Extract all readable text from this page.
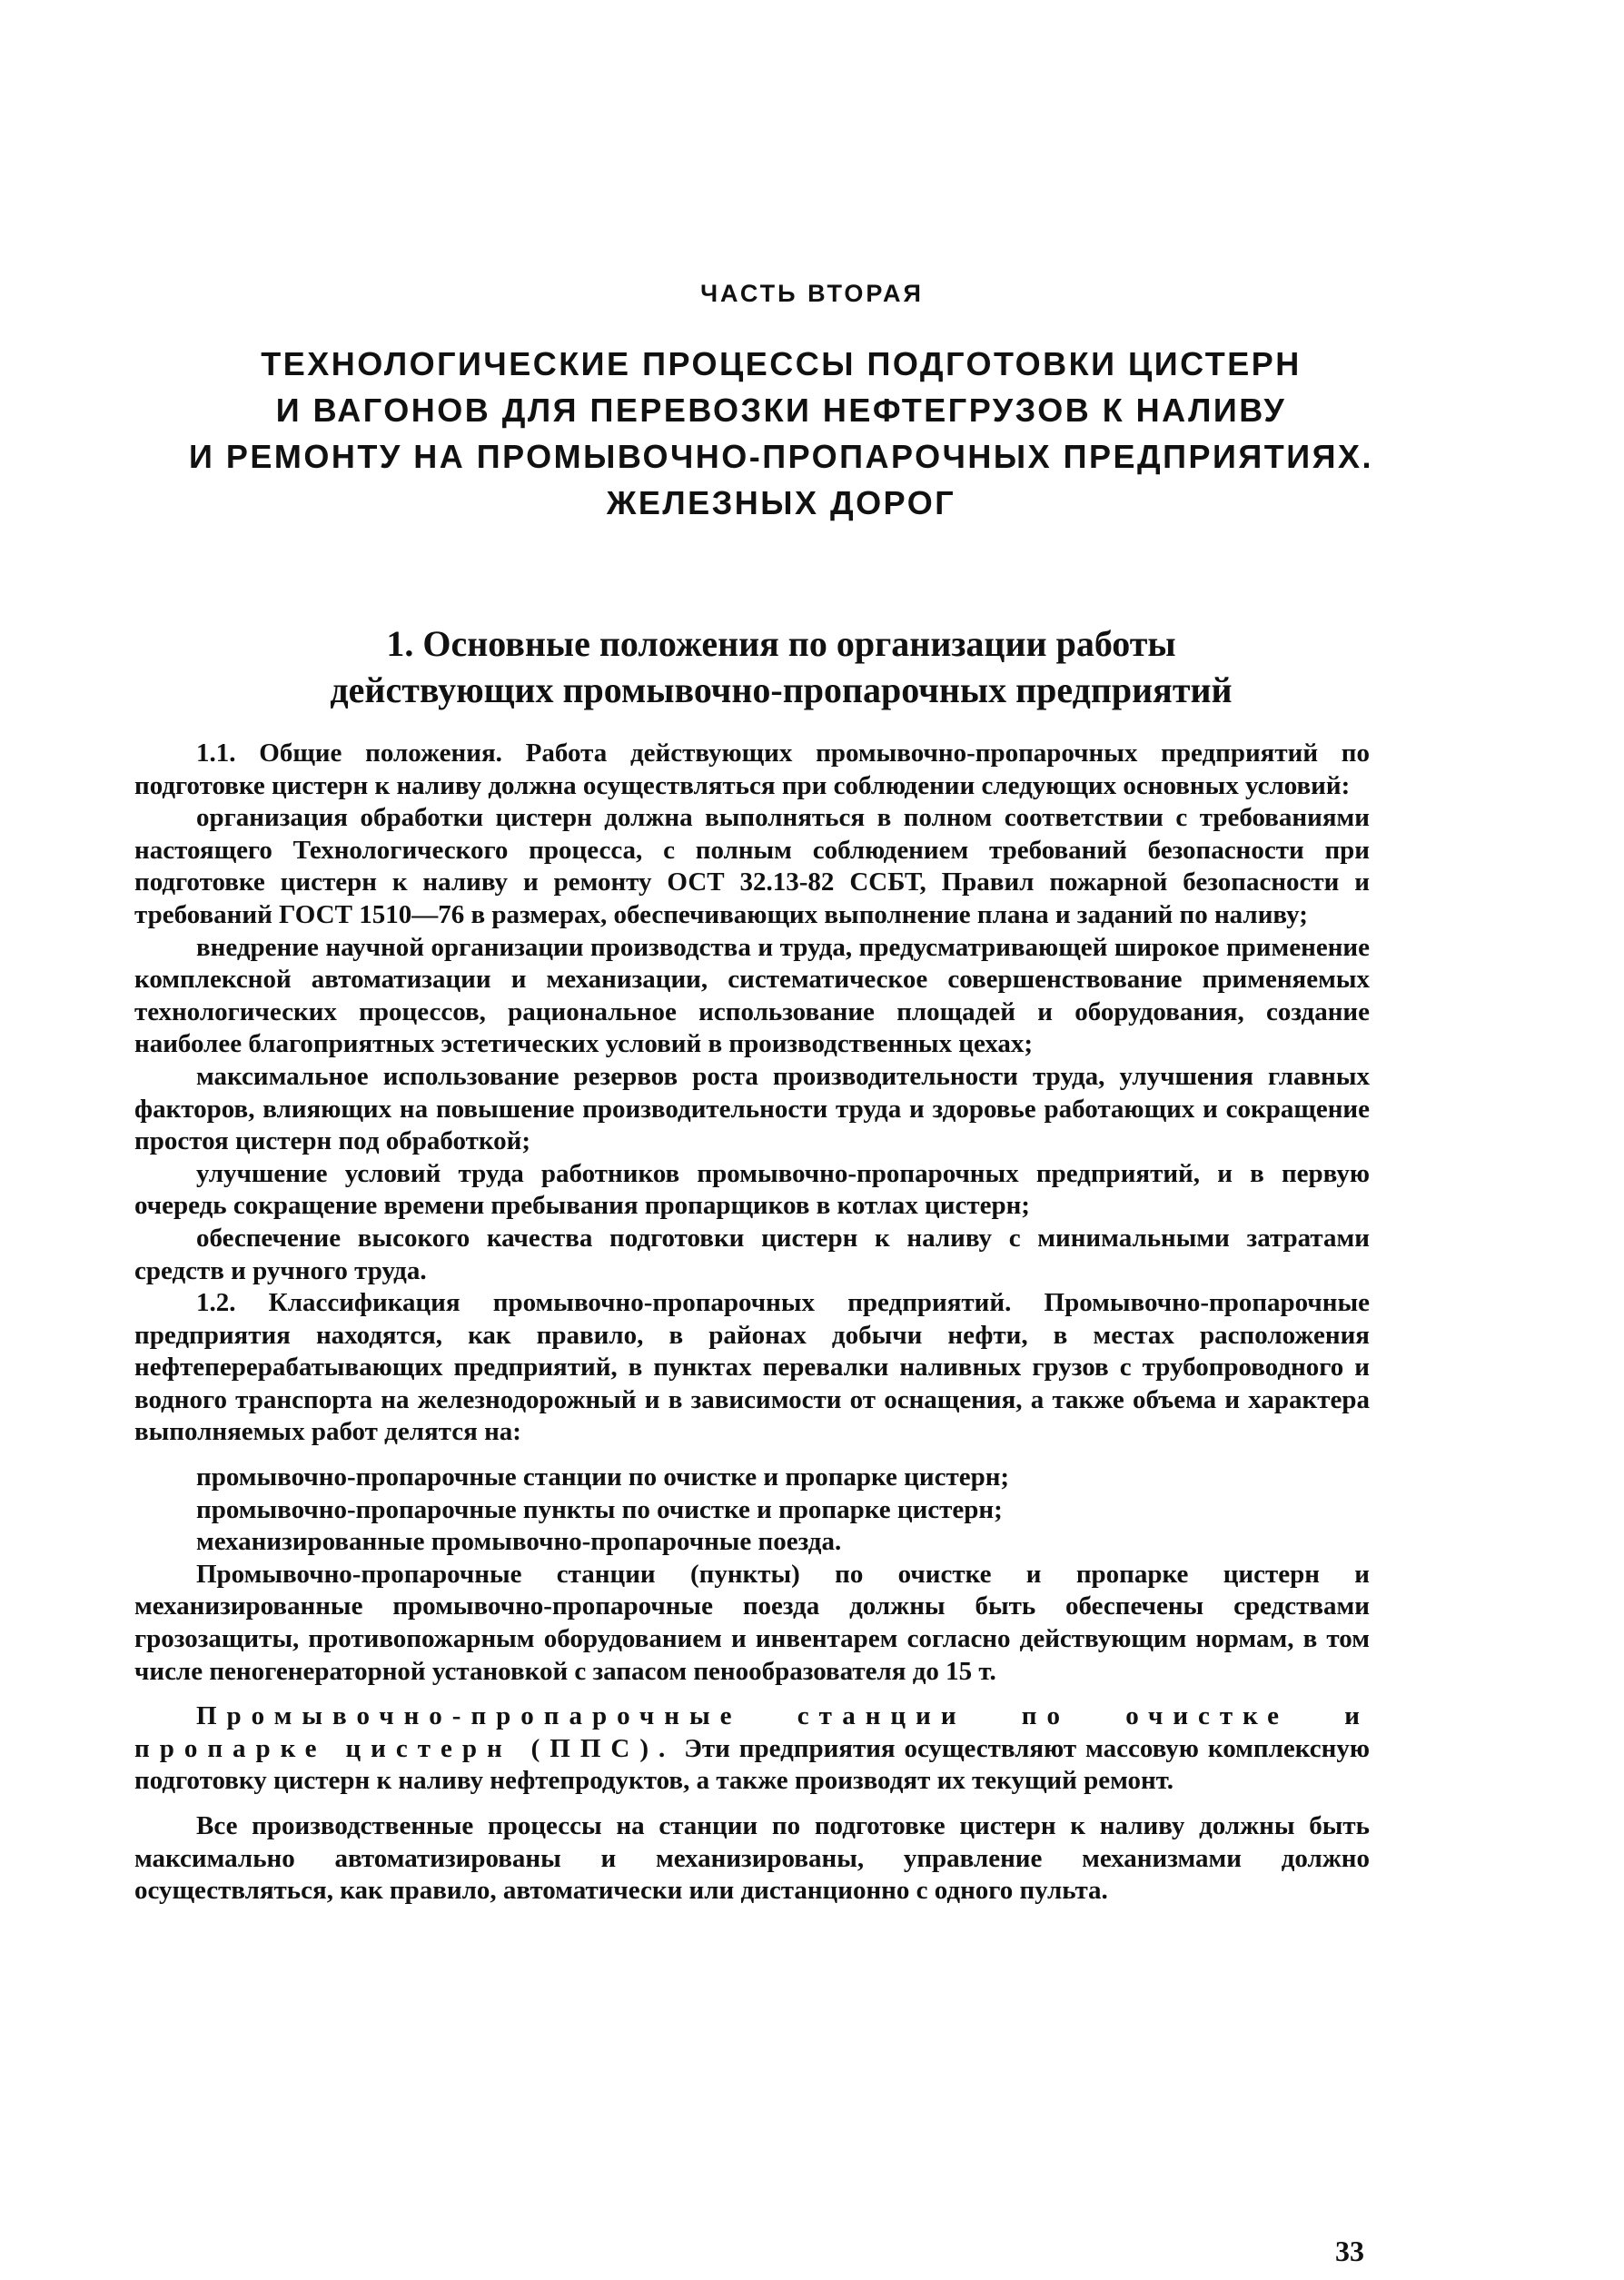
ЧАСТЬ ВТОРАЯ
ТЕХНОЛОГИЧЕСКИЕ ПРОЦЕССЫ ПОДГОТОВКИ ЦИСТЕРН
И ВАГОНОВ ДЛЯ ПЕРЕВОЗКИ НЕФТЕГРУЗОВ К НАЛИВУ
И РЕМОНТУ НА ПРОМЫВОЧНО-ПРОПАРОЧНЫХ ПРЕДПРИЯТИЯХ.
ЖЕЛЕЗНЫХ ДОРОГ
1. Основные положения по организации работы
действующих промывочно-пропарочных предприятий

1.1. Общие положения. Работа действующих промывочно-пропарочных предприятий по подготовке цистерн к наливу должна осуществляться при соблюдении следующих основных условий:

организация обработки цистерн должна выполняться в полном соответствии с требованиями настоящего Технологического процесса, с полным соблюдением требований безопасности при подготовке цистерн к наливу и ремонту ОСТ 32.13-82 ССБТ, Правил пожарной безопасности и требований ГОСТ 1510—76 в размерах, обеспечивающих выполнение плана и заданий по наливу;

внедрение научной организации производства и труда, предусматривающей широкое применение комплексной автоматизации и механизации, систематическое совершенствование применяемых технологических процессов, рациональное использование площадей и оборудования, создание наиболее благоприятных эстетических условий в производственных цехах;

максимальное использование резервов роста производительности труда, улучшения главных факторов, влияющих на повышение производительности труда и здоровье работающих и сокращение простоя цистерн под обработкой;

улучшение условий труда работников промывочно-пропарочных предприятий, и в первую очередь сокращение времени пребывания пропарщиков в котлах цистерн;

обеспечение высокого качества подготовки цистерн к наливу с минимальными затратами средств и ручного труда.

1.2. Классификация промывочно-пропарочных предприятий. Промывочно-пропарочные предприятия находятся, как правило, в районах добычи нефти, в местах расположения нефтеперерабатывающих предприятий, в пунктах перевалки наливных грузов с трубопроводного и водного транспорта на железнодорожный и в зависимости от оснащения, а также объема и характера выполняемых работ делятся на:

промывочно-пропарочные станции по очистке и пропарке цистерн;

промывочно-пропарочные пункты по очистке и пропарке цистерн;

механизированные промывочно-пропарочные поезда.

Промывочно-пропарочные станции (пункты) по очистке и пропарке цистерн и механизированные промывочно-пропарочные поезда должны быть обеспечены средствами грозозащиты, противопожарным оборудованием и инвентарем согласно действующим нормам, в том числе пеногенераторной установкой с запасом пенообразователя до 15 т.

Промывочно-пропарочные станции по очистке и пропарке цистерн (ППС). Эти предприятия осуществляют массовую комплексную подготовку цистерн к наливу нефтепродуктов, а также производят их текущий ремонт.

Все производственные процессы на станции по подготовке цистерн к наливу должны быть максимально автоматизированы и механизированы, управление механизмами должно осуществляться, как правило, автоматически или дистанционно с одного пульта.

33
